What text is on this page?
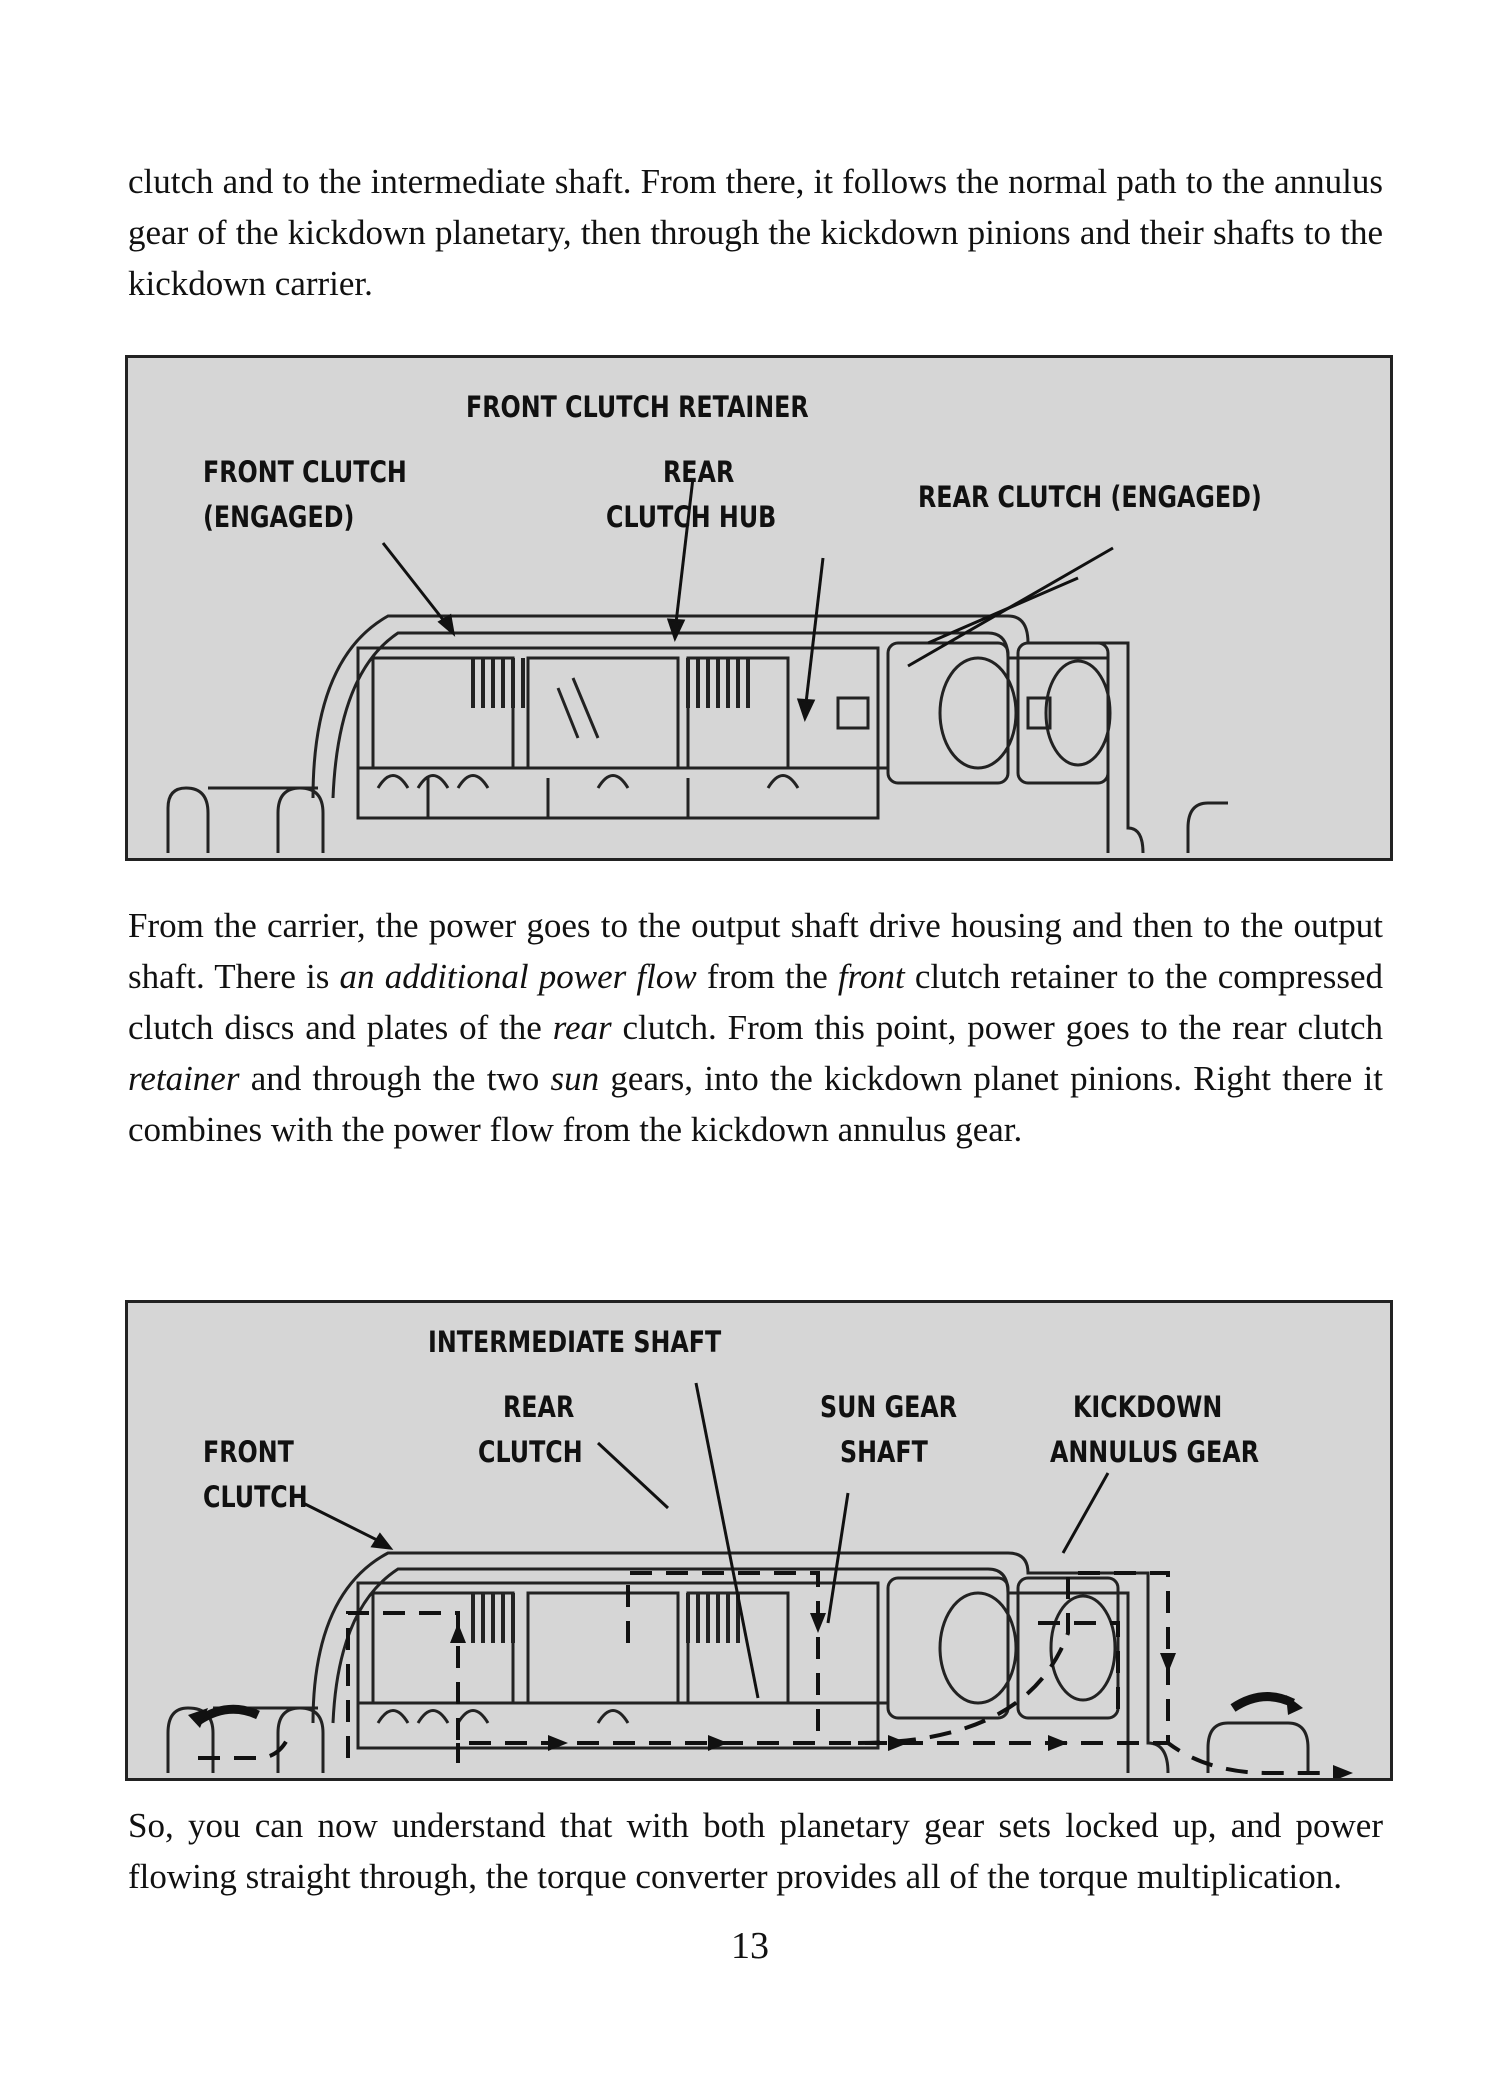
clutch and to the intermediate shaft. From there, it follows the normal path to the annulus gear of the kickdown planetary, then through the kickdown pinions and their shafts to the kickdown carrier.

FRONT CLUTCH RETAINER
FRONT CLUTCH
(ENGAGED)
REAR
CLUTCH HUB
REAR CLUTCH (ENGAGED)

From the carrier, the power goes to the output shaft drive housing and then to the output shaft. There is an additional power flow from the front clutch retainer to the compressed clutch discs and plates of the rear clutch. From this point, power goes to the rear clutch retainer and through the two sun gears, into the kickdown planet pinions. Right there it combines with the power flow from the kickdown annulus gear.

INTERMEDIATE SHAFT
REAR
CLUTCH
SUN GEAR
SHAFT
KICKDOWN
ANNULUS GEAR
FRONT
CLUTCH

So, you can now understand that with both planetary gear sets locked up, and power flowing straight through, the torque converter provides all of the torque multiplication.

13
